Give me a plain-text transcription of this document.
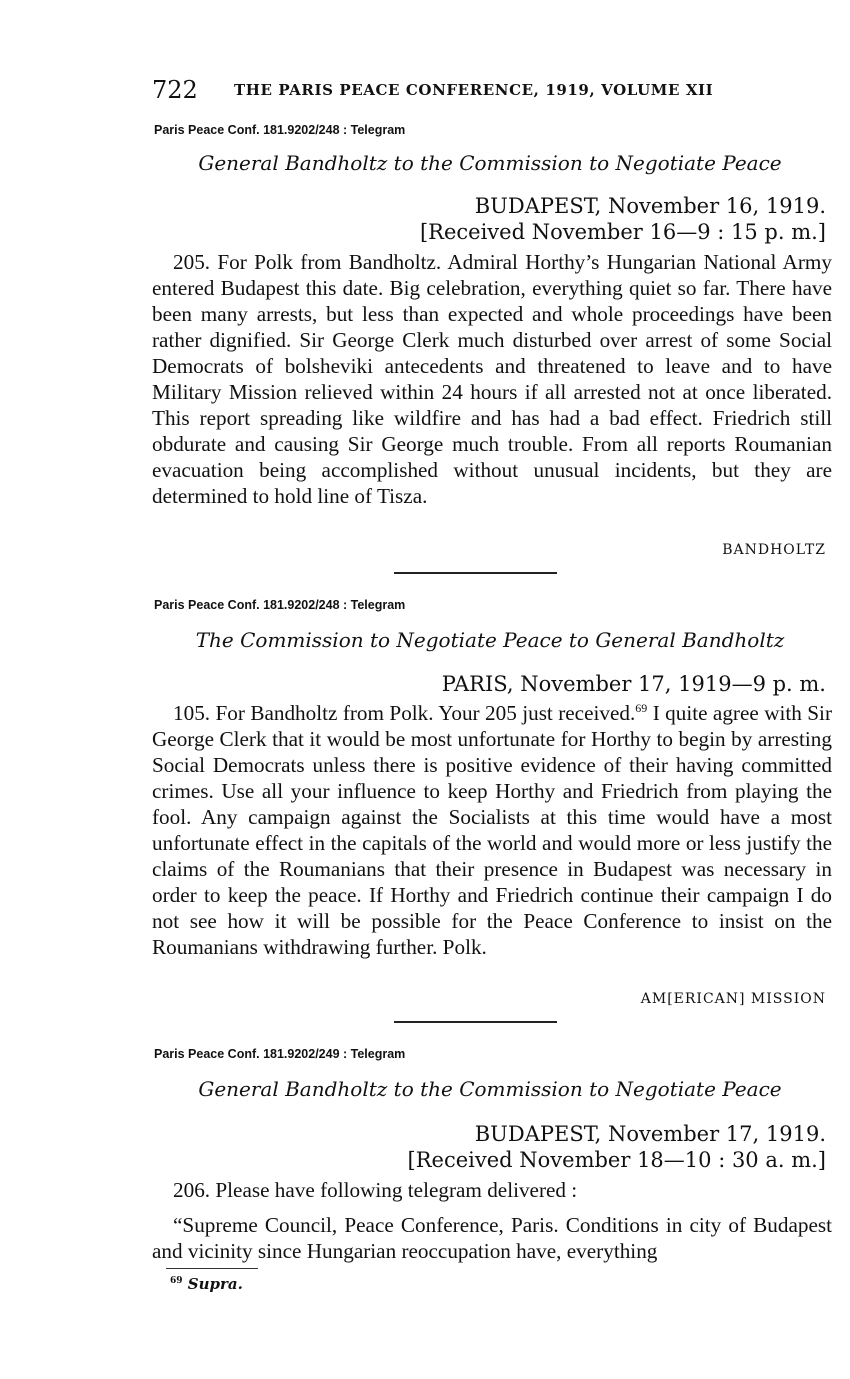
722 THE PARIS PEACE CONFERENCE, 1919, VOLUME XII
Paris Peace Conf. 181.9202/248 : Telegram
General Bandholtz to the Commission to Negotiate Peace
BUDAPEST, November 16, 1919.
[Received November 16—9 : 15 p. m.]

205. For Polk from Bandholtz. Admiral Horthy’s Hungarian National Army entered Budapest this date. Big celebration, everything quiet so far. There have been many arrests, but less than expected and whole proceedings have been rather dignified. Sir George Clerk much disturbed over arrest of some Social Democrats of bolsheviki antecedents and threatened to leave and to have Military Mission relieved within 24 hours if all arrested not at once liberated. This report spreading like wildfire and has had a bad effect. Friedrich still obdurate and causing Sir George much trouble. From all reports Roumanian evacuation being accomplished without unusual incidents, but they are determined to hold line of Tisza.

BANDHOLTZ
Paris Peace Conf. 181.9202/248 : Telegram
The Commission to Negotiate Peace to General Bandholtz
PARIS, November 17, 1919—9 p. m.

105. For Bandholtz from Polk. Your 205 just received.$^{69}$ I quite agree with Sir George Clerk that it would be most unfortunate for Horthy to begin by arresting Social Democrats unless there is positive evidence of their having committed crimes. Use all your influence to keep Horthy and Friedrich from playing the fool. Any campaign against the Socialists at this time would have a most unfortunate effect in the capitals of the world and would more or less justify the claims of the Roumanians that their presence in Budapest was necessary in order to keep the peace. If Horthy and Friedrich continue their campaign I do not see how it will be possible for the Peace Conference to insist on the Roumanians withdrawing further. Polk.

AM[ERICAN] MISSION
Paris Peace Conf. 181.9202/249 : Telegram
General Bandholtz to the Commission to Negotiate Peace
BUDAPEST, November 17, 1919.
[Received November 18—10 : 30 a. m.]

206. Please have following telegram delivered :

“Supreme Council, Peace Conference, Paris. Conditions in city of Budapest and vicinity since Hungarian reoccupation have, everything

$^{69}$ Supra.
